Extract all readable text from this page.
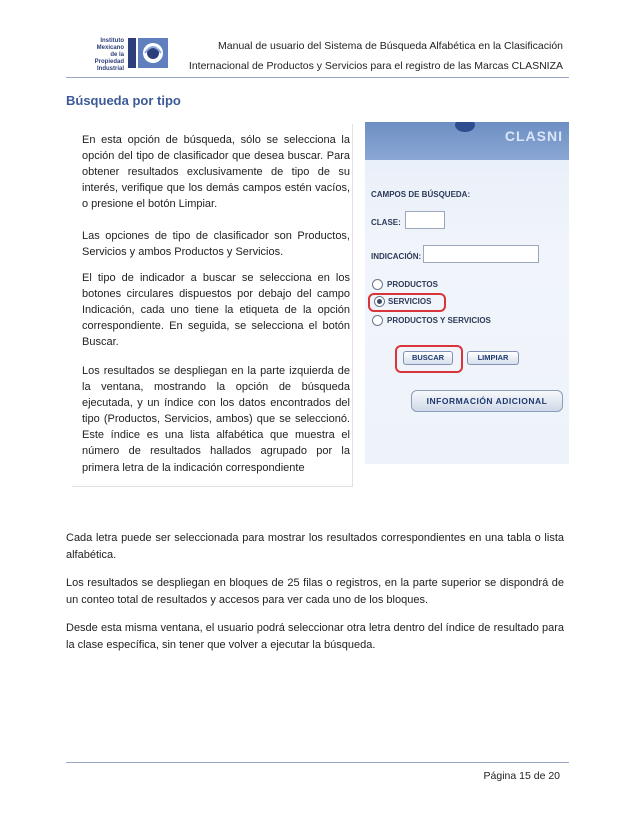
Instituto
Mexicano
de la Propiedad
Industrial
Manual de usuario del Sistema de Búsqueda Alfabética en la Clasificación
Internacional de Productos y Servicios para el registro de las Marcas CLASNIZA
Búsqueda por tipo

En esta opción de búsqueda, sólo se selecciona la opción del tipo de clasificador que desea buscar. Para obtener resultados exclusivamente de tipo de su interés, verifique que los demás campos estén vacíos, o presione el botón Limpiar.

Las opciones de tipo de clasificador son Productos, Servicios y ambos Productos y Servicios.

El tipo de indicador a buscar se selecciona en los botones circulares dispuestos por debajo del campo Indicación, cada uno tiene la etiqueta de la opción correspondiente. En seguida, se selecciona el botón Buscar.

Los resultados se despliegan en la parte izquierda de la ventana, mostrando la opción de búsqueda ejecutada, y un índice con los datos encontrados del tipo (Productos, Servicios, ambos) que se seleccionó. Este índice es una lista alfabética que muestra el número de resultados hallados agrupado por la primera letra de la indicación correspondiente

CLASNI
CAMPOS DE BÚSQUEDA:
CLASE:
INDICACIÓN:
PRODUCTOS
SERVICIOS
PRODUCTOS Y SERVICIOS
BUSCAR	LIMPIAR
INFORMACIÓN ADICIONAL

Cada letra puede ser seleccionada para mostrar los resultados correspondientes en una tabla o lista alfabética.

Los resultados se despliegan en bloques de 25 filas o registros, en la parte superior se dispondrá de un conteo total de resultados y accesos para ver cada uno de los bloques.

Desde esta misma ventana, el usuario podrá seleccionar otra letra dentro del índice de resultado para la clase específica, sin tener que volver a ejecutar la búsqueda.

Página 15 de 20
